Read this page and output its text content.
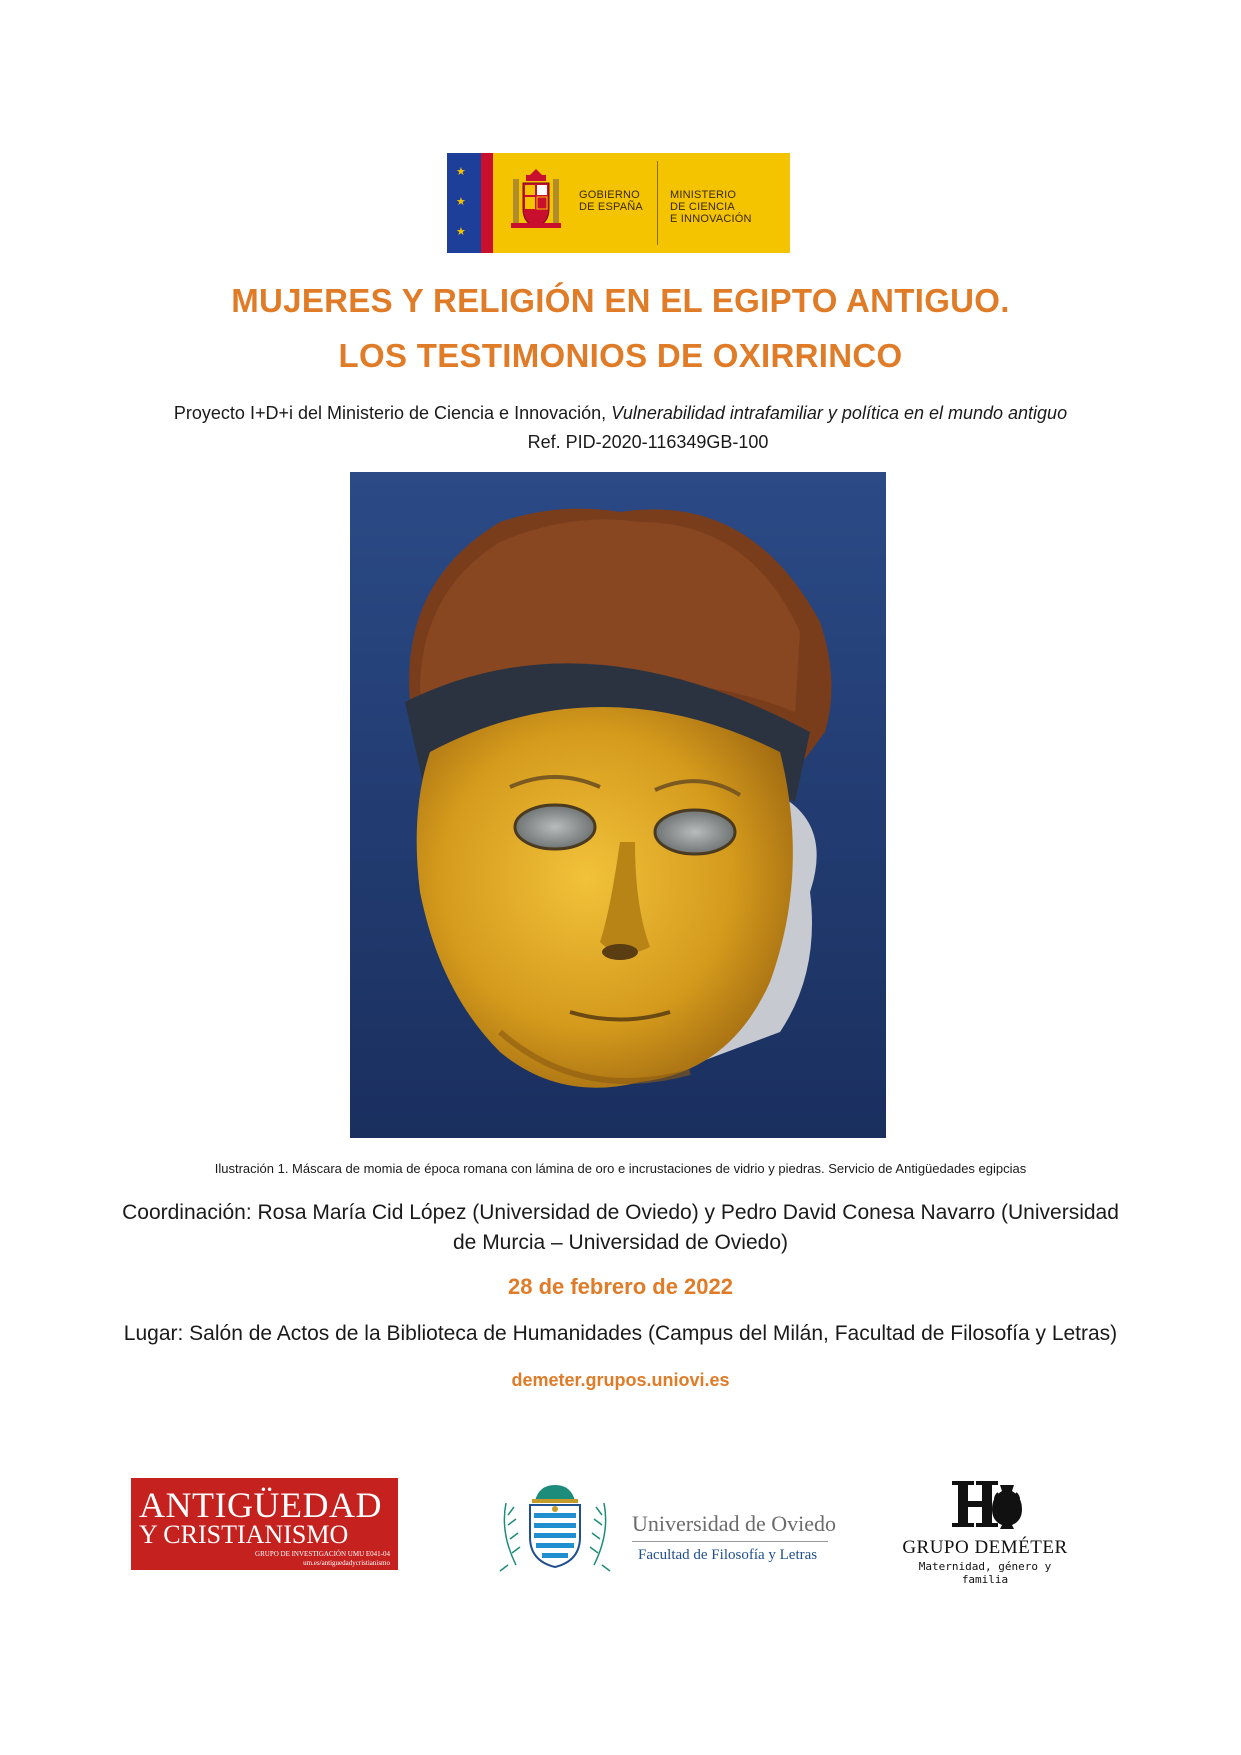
★
★
★
GOBIERNO
DE ESPAÑA
MINISTERIO
DE CIENCIA
E INNOVACIÓN
MUJERES Y RELIGIÓN EN EL EGIPTO ANTIGUO.
LOS TESTIMONIOS DE OXIRRINCO
Proyecto I+D+i del Ministerio de Ciencia e Innovación, Vulnerabilidad intrafamiliar y política en el mundo antiguo
Ref. PID-2020-116349GB-100
Ilustración 1. Máscara de momia de época romana con lámina de oro e incrustaciones de vidrio y piedras. Servicio de Antigüedades egipcias
Coordinación: Rosa María Cid López (Universidad de Oviedo) y Pedro David Conesa Navarro (Universidad de Murcia – Universidad de Oviedo)
28 de febrero de 2022
Lugar: Salón de Actos de la Biblioteca de Humanidades (Campus del Milán, Facultad de Filosofía y Letras)
demeter.grupos.uniovi.es
ANTIGÜEDAD
Y CRISTIANISMO
GRUPO DE INVESTIGACIÓN UMU E041-04
um.es/antiguedadycristianismo
Universidad de Oviedo
Facultad de Filosofía y Letras	GRUPO DEMÉTER
Maternidad, género y familia
